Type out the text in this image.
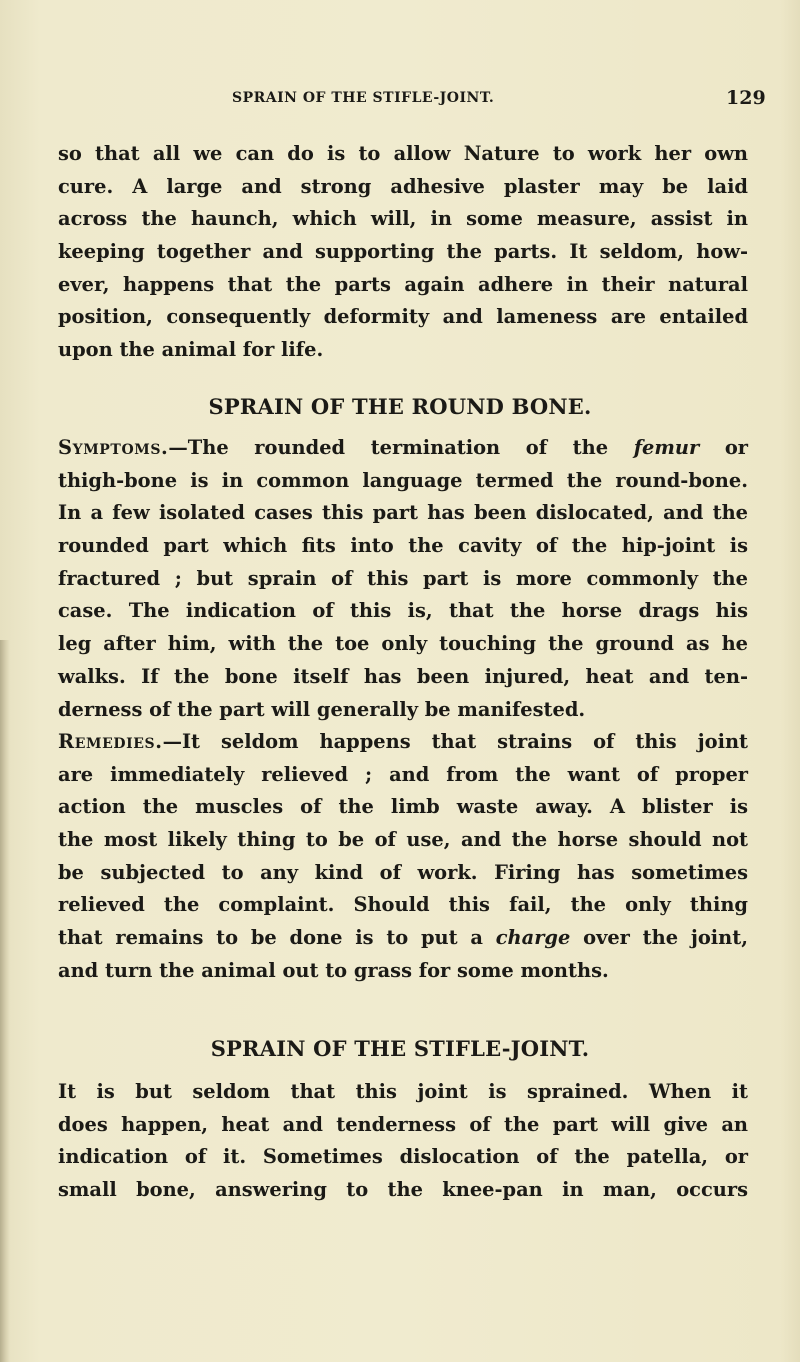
SPRAIN OF THE STIFLE-JOINT.	129
so that all we can do is to allow Nature to work her own
cure. A large and strong adhesive plaster may be laid
across the haunch, which will, in some measure, assist in
keeping together and supporting the parts. It seldom, how-
ever, happens that the parts again adhere in their natural
position, consequently deformity and lameness are entailed
upon the animal for life.
SPRAIN OF THE ROUND BONE.
Symptoms.—The rounded termination of the femur or
thigh-bone is in common language termed the round-bone.
In a few isolated cases this part has been dislocated, and the
rounded part which fits into the cavity of the hip-joint is
fractured ; but sprain of this part is more commonly the
case. The indication of this is, that the horse drags his
leg after him, with the toe only touching the ground as he
walks. If the bone itself has been injured, heat and ten-
derness of the part will generally be manifested.
Remedies.—It seldom happens that strains of this joint
are immediately relieved ; and from the want of proper
action the muscles of the limb waste away. A blister is
the most likely thing to be of use, and the horse should not
be subjected to any kind of work. Firing has sometimes
relieved the complaint. Should this fail, the only thing
that remains to be done is to put a charge over the joint,
and turn the animal out to grass for some months.
SPRAIN OF THE STIFLE-JOINT.
It is but seldom that this joint is sprained. When it
does happen, heat and tenderness of the part will give an
indication of it. Sometimes dislocation of the patella, or
small bone, answering to the knee-pan in man, occurs
